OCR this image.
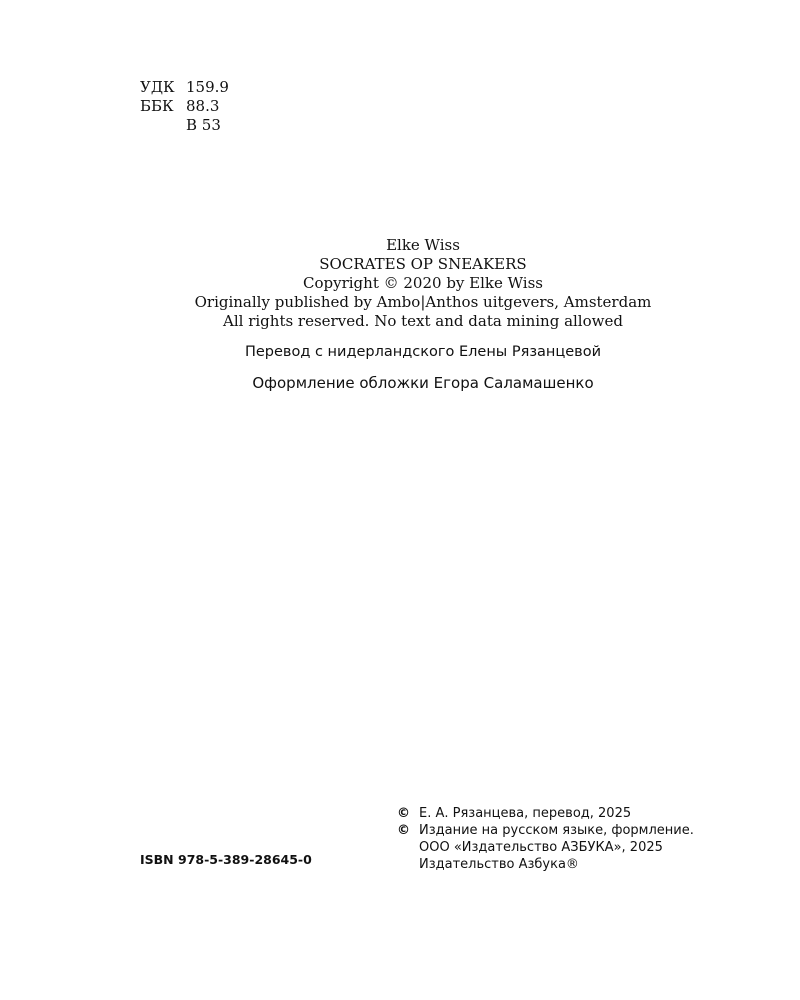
УДК 159.9
ББК 88.3
В 53
Elke Wiss
SOCRATES OP SNEAKERS
Copyright © 2020 by Elke Wiss
Originally published by Ambo|Anthos uitgevers, Amsterdam
All rights reserved. No text and data mining allowed
Перевод с нидерландского Елены Рязанцевой
Оформление обложки Егора Саламашенко
© Е. А. Рязанцева, перевод, 2025
© Издание на русском языке, формление.
ООО «Издательство АЗБУКА», 2025
Издательство Азбука®
ISBN 978-5-389-28645-0
